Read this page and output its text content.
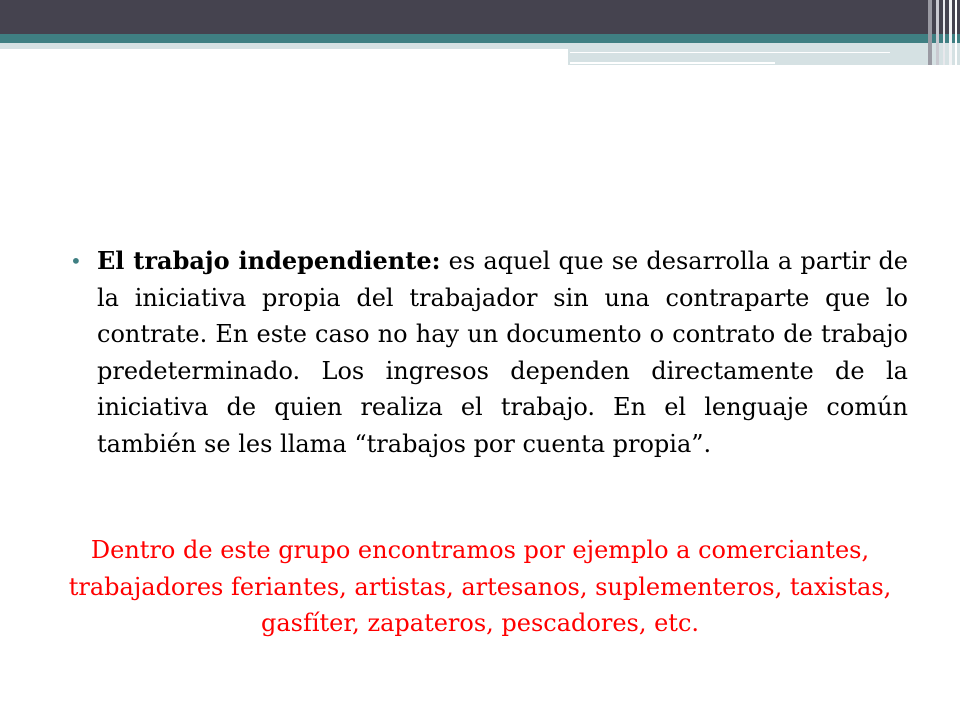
• El trabajo independiente: es aquel que se desarrolla a partir de la iniciativa propia del trabajador sin una contraparte que lo contrate. En este caso no hay un documento o contrato de trabajo predeterminado. Los ingresos dependen directamente de la iniciativa de quien realiza el trabajo. En el lenguaje común también se les llama “trabajos por cuenta propia”.
Dentro de este grupo encontramos por ejemplo a comerciantes, trabajadores feriantes, artistas, artesanos, suplementeros, taxistas, gasfíter, zapateros, pescadores, etc.
